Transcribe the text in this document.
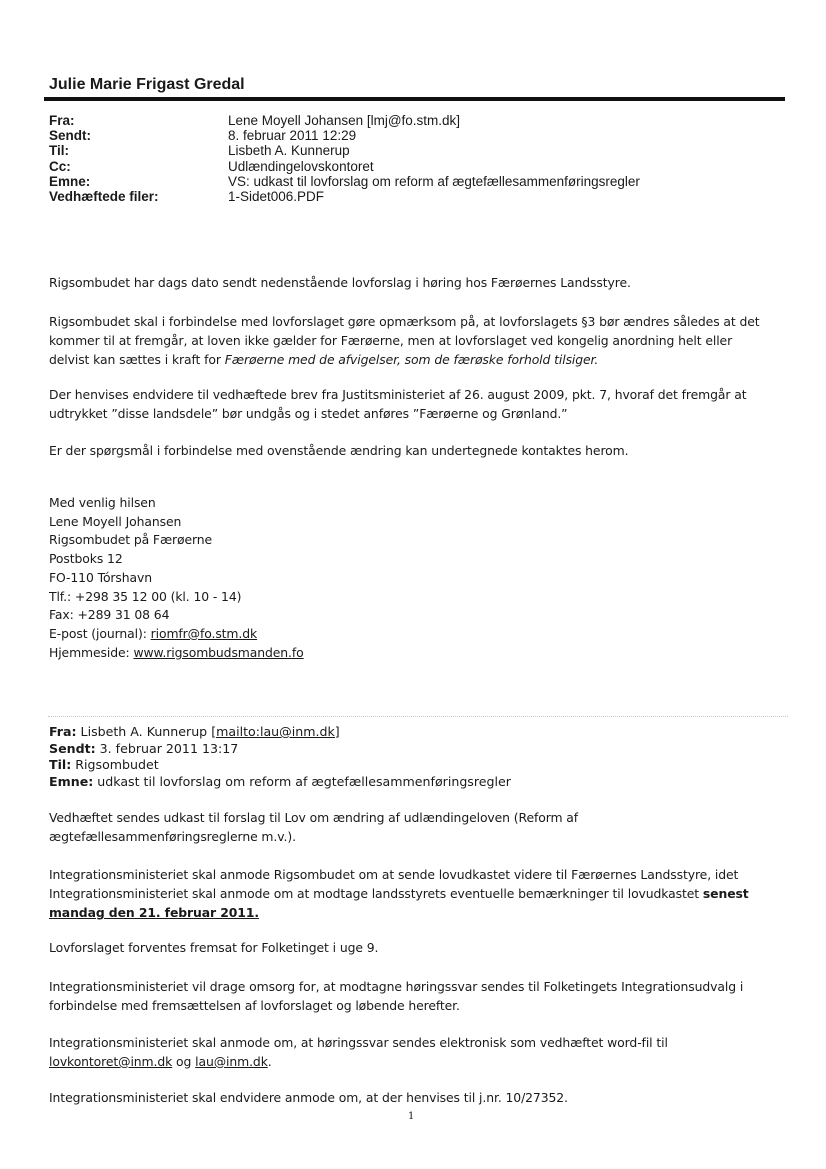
Julie Marie Frigast Gredal
Fra:	Lene Moyell Johansen [lmj@fo.stm.dk]
Sendt:	8. februar 2011 12:29
Til:	Lisbeth A. Kunnerup
Cc:	Udlændingelovskontoret
Emne:	VS: udkast til lovforslag om reform af ægtefællesammenføringsregler
Vedhæftede filer:	1-Sidet006.PDF

Rigsombudet har dags dato sendt nedenstående lovforslag i høring hos Færøernes Landsstyre.

Rigsombudet skal i forbindelse med lovforslaget gøre opmærksom på, at lovforslagets §3 bør ændres således at det

kommer til at fremgår, at loven ikke gælder for Færøerne, men at lovforslaget ved kongelig anordning helt eller

delvist kan sættes i kraft for Færøerne med de afvigelser, som de færøske forhold tilsiger.

Der henvises endvidere til vedhæftede brev fra Justitsministeriet af 26. august 2009, pkt. 7, hvoraf det fremgår at

udtrykket ”disse landsdele” bør undgås og i stedet anføres ”Færøerne og Grønland.”

Er der spørgsmål i forbindelse med ovenstående ændring kan undertegnede kontaktes herom.

Med venlig hilsen

Lene Moyell Johansen

Rigsombudet på Færøerne

Postboks 12

FO-110 Tórshavn

Tlf.: +298 35 12 00 (kl. 10 - 14)

Fax: +289 31 08 64

E-post (journal): riomfr@fo.stm.dk

Hjemmeside: www.rigsombudsmanden.fo

Fra: Lisbeth A. Kunnerup [mailto:lau@inm.dk]
Sendt: 3. februar 2011 13:17
Til: Rigsombudet
Emne: udkast til lovforslag om reform af ægtefællesammenføringsregler

Vedhæftet sendes udkast til forslag til Lov om ændring af udlændingeloven (Reform af

ægtefællesammenføringsreglerne m.v.).

Integrationsministeriet skal anmode Rigsombudet om at sende lovudkastet videre til Færøernes Landsstyre, idet

Integrationsministeriet skal anmode om at modtage landsstyrets eventuelle bemærkninger til lovudkastet senest

mandag den 21. februar 2011.

Lovforslaget forventes fremsat for Folketinget i uge 9.

Integrationsministeriet vil drage omsorg for, at modtagne høringssvar sendes til Folketingets Integrationsudvalg i

forbindelse med fremsættelsen af lovforslaget og løbende herefter.

Integrationsministeriet skal anmode om, at høringssvar sendes elektronisk som vedhæftet word-fil til

lovkontoret@inm.dk og lau@inm.dk.

Integrationsministeriet skal endvidere anmode om, at der henvises til j.nr. 10/27352.

1
